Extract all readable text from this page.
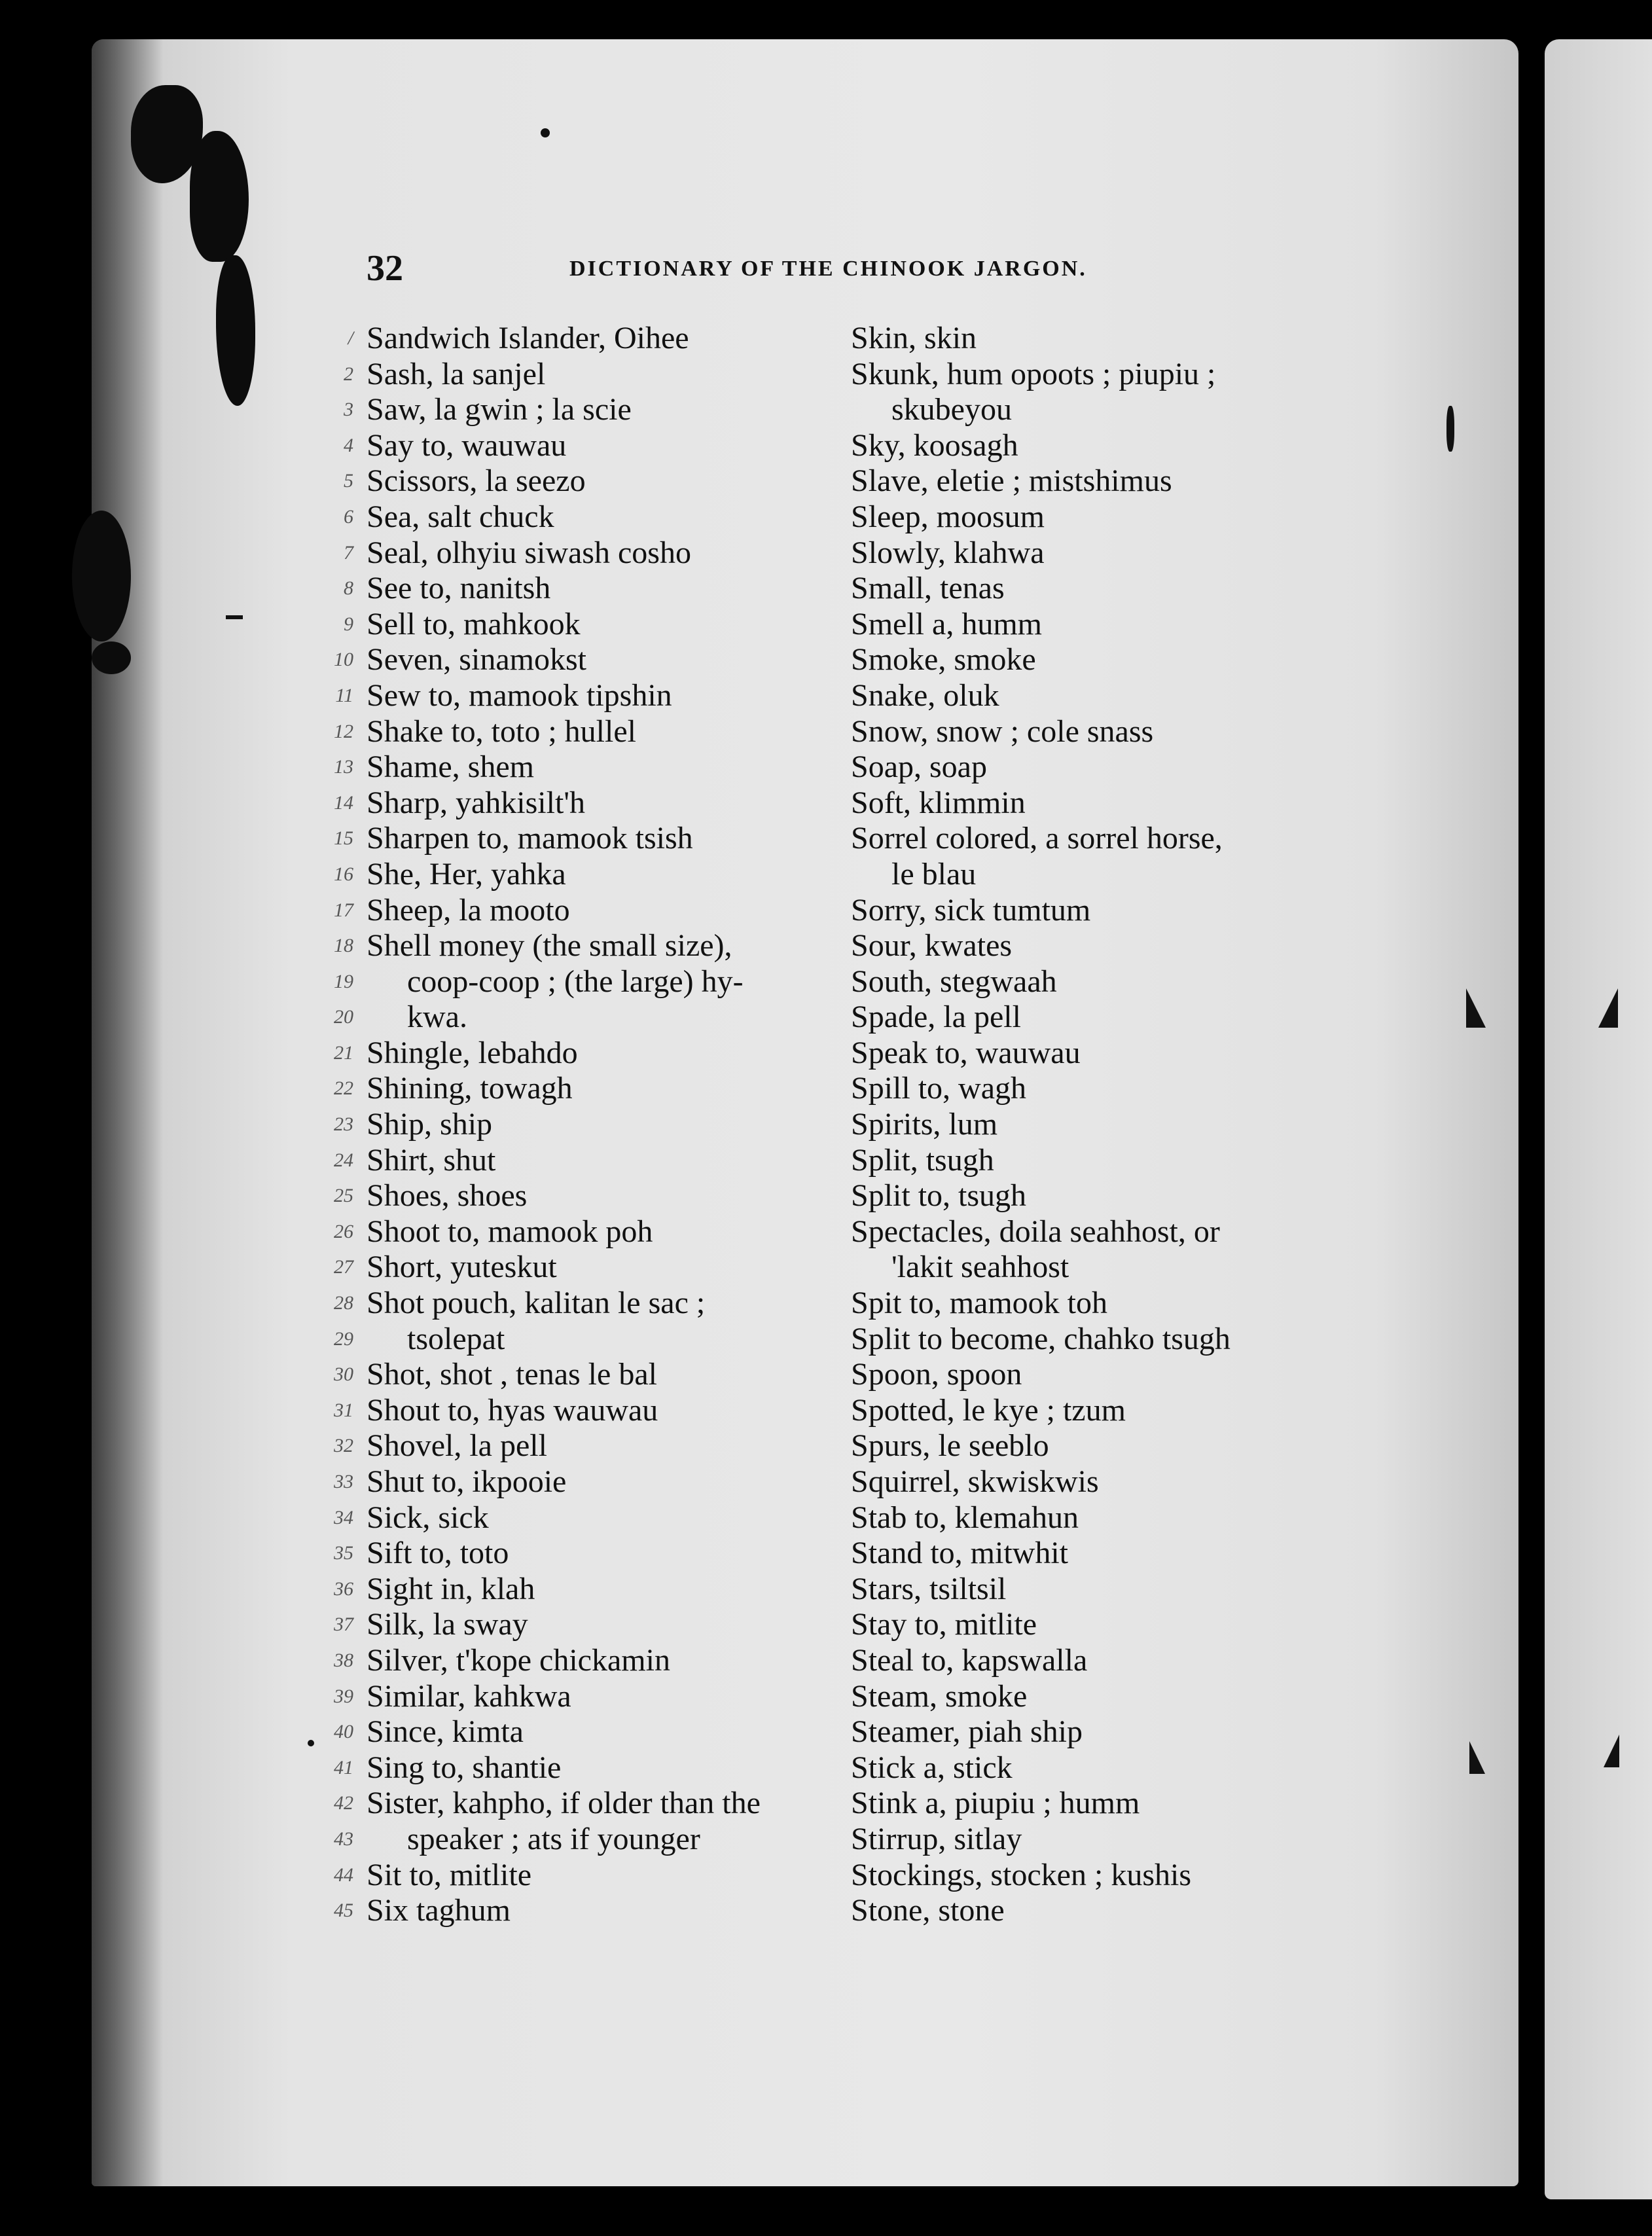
32	DICTIONARY OF THE CHINOOK JARGON.
/
2
3
4
5
6
7
8
9
10
11
12
13
14
15
16
17
18
19
20
21
22
23
24
25
26
27
28
29
30
31
32
33
34
35
36
37
38
39
40
41
42
43
44
45
Sandwich Islander, Oihee
Sash, la sanjel
Saw, la gwin ; la scie
Say to, wauwau
Scissors, la seezo
Sea, salt chuck
Seal, olhyiu siwash cosho
See to, nanitsh
Sell to, mahkook
Seven, sinamokst
Sew to, mamook tipshin
Shake to, toto ; hullel
Shame, shem
Sharp, yahkisilt'h
Sharpen to, mamook tsish
She, Her, yahka
Sheep, la mooto
Shell money (the small size),
coop-coop ; (the large) hy-
kwa.
Shingle, lebahdo
Shining, towagh
Ship, ship
Shirt, shut
Shoes, shoes
Shoot to, mamook poh
Short, yuteskut
Shot pouch, kalitan le sac ;
tsolepat
Shot, shot , tenas le bal
Shout to, hyas wauwau
Shovel, la pell
Shut to, ikpooie
Sick, sick
Sift to, toto
Sight in, klah
Silk, la sway
Silver, t'kope chickamin
Similar, kahkwa
Since, kimta
Sing to, shantie
Sister, kahpho, if older than the
speaker ; ats if younger
Sit to, mitlite
Six taghum
Skin, skin
Skunk, hum opoots ; piupiu ;
skubeyou
Sky, koosagh
Slave, eletie ; mistshimus
Sleep, moosum
Slowly, klahwa
Small, tenas
Smell a, humm
Smoke, smoke
Snake, oluk
Snow, snow ; cole snass
Soap, soap
Soft, klimmin
Sorrel colored, a sorrel horse,
le blau
Sorry, sick tumtum
Sour, kwates
South, stegwaah
Spade, la pell
Speak to, wauwau
Spill to, wagh
Spirits, lum
Split, tsugh
Split to, tsugh
Spectacles, doila seahhost, or
'lakit seahhost
Spit to, mamook toh
Split to become, chahko tsugh
Spoon, spoon
Spotted, le kye ; tzum
Spurs, le seeblo
Squirrel, skwiskwis
Stab to, klemahun
Stand to, mitwhit
Stars, tsiltsil
Stay to, mitlite
Steal to, kapswalla
Steam, smoke
Steamer, piah ship
Stick a, stick
Stink a, piupiu ; humm
Stirrup, sitlay
Stockings, stocken ; kushis
Stone, stone
